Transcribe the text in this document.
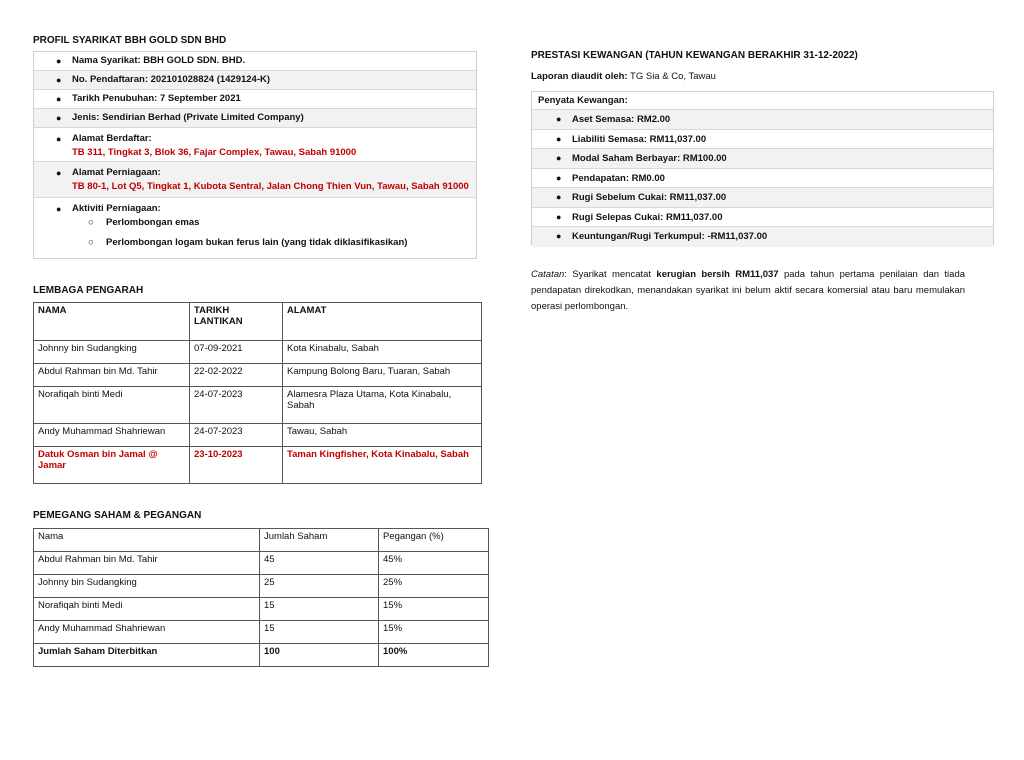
PROFIL SYARIKAT BBH GOLD SDN BHD
● Nama Syarikat: BBH GOLD SDN. BHD.
● No. Pendaftaran: 202101028824 (1429124-K)
● Tarikh Penubuhan: 7 September 2021
● Jenis: Sendirian Berhad (Private Limited Company)
● Alamat Berdaftar:
TB 311, Tingkat 3, Blok 36, Fajar Complex, Tawau, Sabah 91000
● Alamat Perniagaan:
TB 80-1, Lot Q5, Tingkat 1, Kubota Sentral, Jalan Chong Thien Vun, Tawau, Sabah 91000
● Aktiviti Perniagaan:
○ Perlombongan emas
○ Perlombongan logam bukan ferus lain (yang tidak diklasifikasikan)
LEMBAGA PENGARAH
NAMA	TARIKH LANTIKAN	ALAMAT
Johnny bin Sudangking	07-09-2021	Kota Kinabalu, Sabah
Abdul Rahman bin Md. Tahir	22-02-2022	Kampung Bolong Baru, Tuaran, Sabah
Norafiqah binti Medi	24-07-2023	Alamesra Plaza Utama, Kota Kinabalu, Sabah
Andy Muhammad Shahriewan	24-07-2023	Tawau, Sabah
Datuk Osman bin Jamal @ Jamar	23-10-2023	Taman Kingfisher, Kota Kinabalu, Sabah
PEMEGANG SAHAM & PEGANGAN
Nama	Jumlah Saham	Pegangan (%)
Abdul Rahman bin Md. Tahir	45	45%
Johnny bin Sudangking	25	25%
Norafiqah binti Medi	15	15%
Andy Muhammad Shahriewan	15	15%
Jumlah Saham Diterbitkan	100	100%
PRESTASI KEWANGAN (TAHUN KEWANGAN BERAKHIR 31-12-2022)
Laporan diaudit oleh: TG Sia & Co, Tawau
Penyata Kewangan:
● Aset Semasa: RM2.00
● Liabiliti Semasa: RM11,037.00
● Modal Saham Berbayar: RM100.00
● Pendapatan: RM0.00
● Rugi Sebelum Cukai: RM11,037.00
● Rugi Selepas Cukai: RM11,037.00
● Keuntungan/Rugi Terkumpul: -RM11,037.00
Catatan: Syarikat mencatat kerugian bersih RM11,037 pada tahun pertama penilaian dan tiada pendapatan direkodkan, menandakan syarikat ini belum aktif secara komersial atau baru memulakan operasi perlombongan.
